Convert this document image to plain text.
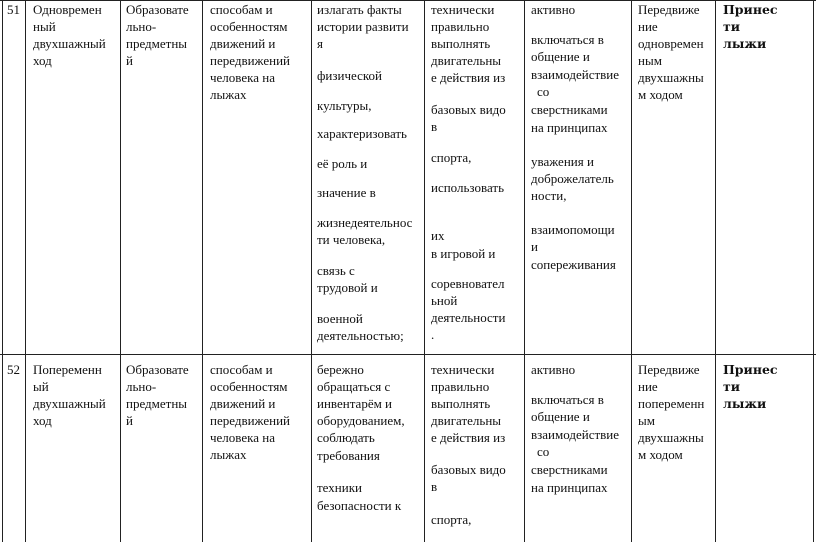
51 Одновремен
ный
двухшажный
ход
Образовате
льно-
предметны
й
способам и
особенностям
движений и
передвижений
человека на
лыжах
излагать факты
истории развити
я
физической
культуры,
характеризовать
её роль и
значение в
жизнедеятельнос
ти человека,
связь с
трудовой и
военной
деятельностью;
технически
правильно
выполнять
двигательны
е действия из
базовых видо
в
спорта,
использовать
их
в игровой и
соревновател
ьной
деятельности
.
активно
включаться в
общение и
взаимодействие
со
сверстниками
на принципах
уважения и
доброжелатель
ности,
взаимопомощи
и
сопереживания
Передвиже
ние
одновремен
ным
двухшажны
м ходом
Принес
ти
лыжи
52 Попеременн
ый
двухшажный
ход
Образовате
льно-
предметны
й
способам и
особенностям
движений и
передвижений
человека на
лыжах
бережно
обращаться с
инвентарём и
оборудованием,
соблюдать
требования
техники
безопасности к
технически
правильно
выполнять
двигательны
е действия из
базовых видо
в
спорта,
активно
включаться в
общение и
взаимодействие
со
сверстниками
на принципах
Передвиже
ние
попеременн
ым
двухшажны
м ходом
Принес
ти
лыжи
